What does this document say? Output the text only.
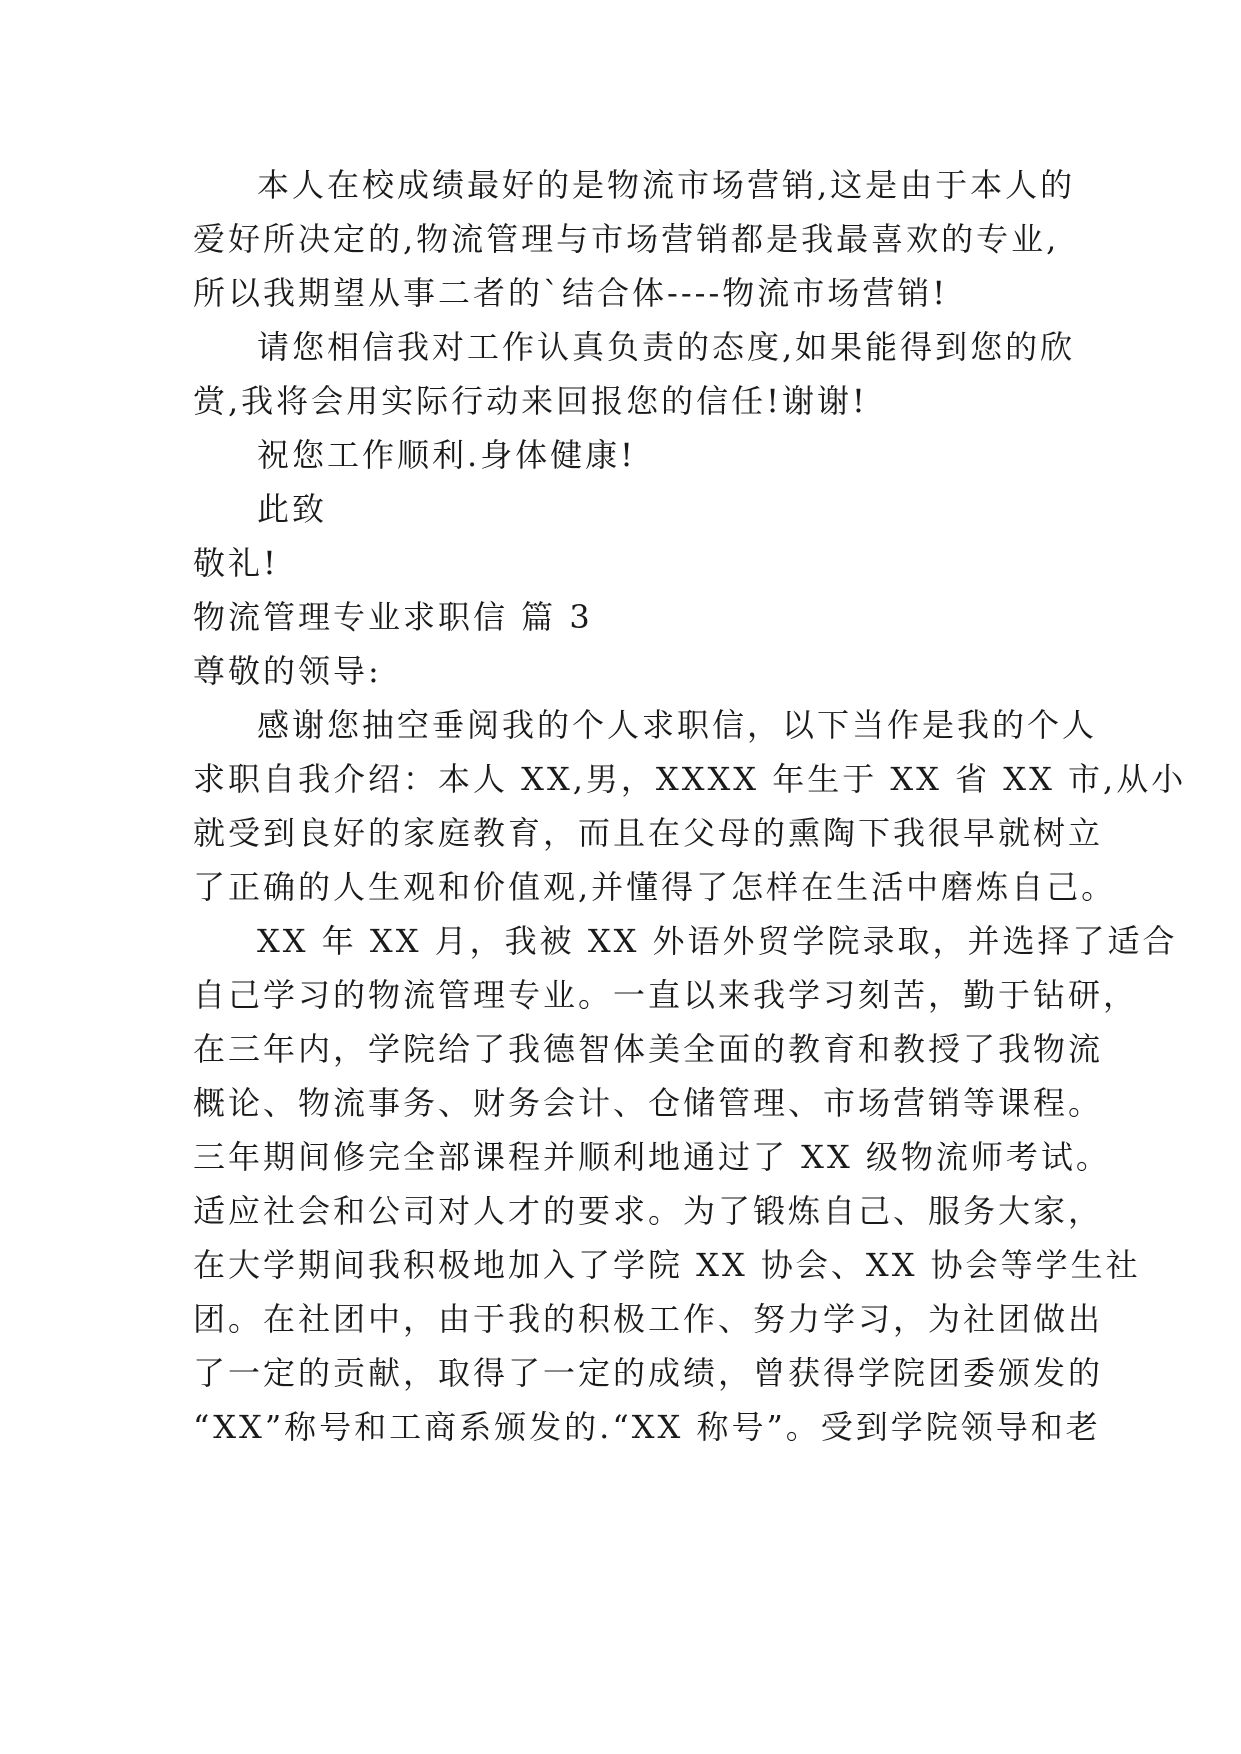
本人在校成绩最好的是物流市场营销,这是由于本人的
爱好所决定的,物流管理与市场营销都是我最喜欢的专业,
所以我期望从事二者的`结合体----物流市场营销!
请您相信我对工作认真负责的态度,如果能得到您的欣
赏,我将会用实际行动来回报您的信任!谢谢!
祝您工作顺利.身体健康!
此致
敬礼!
物流管理专业求职信 篇 3
尊敬的领导:
感谢您抽空垂阅我的个人求职信，以下当作是我的个人
求职自我介绍：本人 XX,男，XXXX 年生于 XX 省 XX 市,从小
就受到良好的家庭教育，而且在父母的熏陶下我很早就树立
了正确的人生观和价值观,并懂得了怎样在生活中磨炼自己。
XX 年 XX 月，我被 XX 外语外贸学院录取，并选择了适合
自己学习的物流管理专业。一直以来我学习刻苦，勤于钻研，
在三年内，学院给了我德智体美全面的教育和教授了我物流
概论、物流事务、财务会计、仓储管理、市场营销等课程。
三年期间修完全部课程并顺利地通过了 XX 级物流师考试。
适应社会和公司对人才的要求。为了锻炼自己、服务大家，
在大学期间我积极地加入了学院 XX 协会、XX 协会等学生社
团。在社团中，由于我的积极工作、努力学习，为社团做出
了一定的贡献，取得了一定的成绩，曾获得学院团委颁发的
“XX”称号和工商系颁发的.“XX 称号”。受到学院领导和老
